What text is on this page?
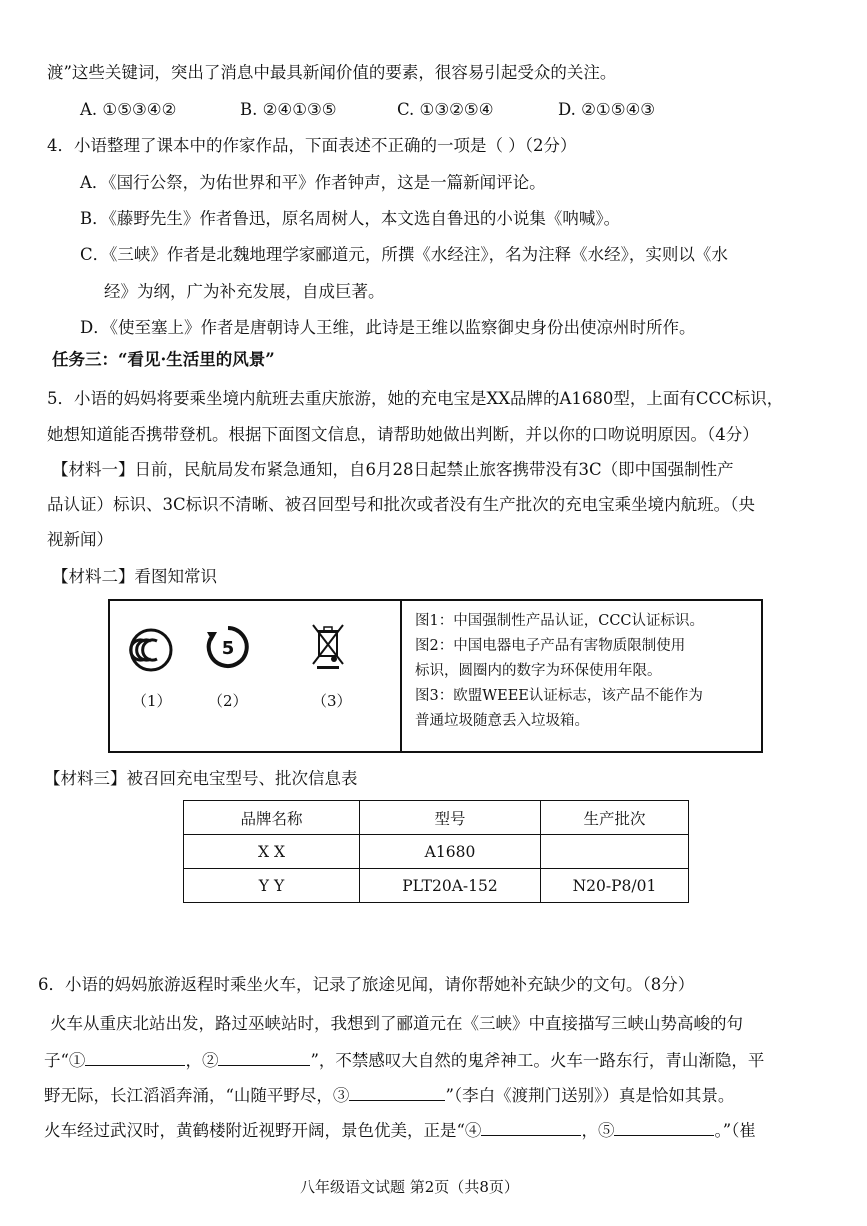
渡”这些关键词，突出了消息中最具新闻价值的要素，很容易引起受众的关注。
A. ①⑤③④②	B. ②④①③⑤	C. ①③②⑤④	D. ②①⑤④③
4．小语整理了课本中的作家作品，下面表述不正确的一项是（ ）（2分）
A．《国行公祭，为佑世界和平》作者钟声，这是一篇新闻评论。
B．《藤野先生》作者鲁迅，原名周树人，本文选自鲁迅的小说集《呐喊》。
C．《三峡》作者是北魏地理学家郦道元，所撰《水经注》，名为注释《水经》，实则以《水
经》为纲，广为补充发展，自成巨著。
D．《使至塞上》作者是唐朝诗人王维，此诗是王维以监察御史身份出使凉州时所作。
任务三：“看见·生活里的风景”
5．小语的妈妈将要乘坐境内航班去重庆旅游，她的充电宝是XX品牌的A1680型，上面有CCC标识，
她想知道能否携带登机。根据下面图文信息，请帮助她做出判断，并以你的口吻说明原因。（4分）
【材料一】日前，民航局发布紧急通知，自6月28日起禁止旅客携带没有3C（即中国强制性产
品认证）标识、3C标识不清晰、被召回型号和批次或者没有生产批次的充电宝乘坐境内航班。（央
视新闻）
【材料二】看图知常识
（1）
5
（2）	（3）
图1：中国强制性产品认证，CCC认证标识。
图2：中国电器电子产品有害物质限制使用
标识，圆圈内的数字为环保使用年限。
图3：欧盟WEEE认证标志，该产品不能作为
普通垃圾随意丢入垃圾箱。
【材料三】被召回充电宝型号、批次信息表
品牌名称	型号	生产批次
X X	A1680	
Y Y	PLT20A-152	N20-P8/01
6．小语的妈妈旅游返程时乘坐火车，记录了旅途见闻，请你帮她补充缺少的文句。（8分）
火车从重庆北站出发，路过巫峡站时，我想到了郦道元在《三峡》中直接描写三峡山势高峻的句
子“①	，②	”，不禁感叹大自然的鬼斧神工。火车一路东行，青山渐隐，平
野无际，长江滔滔奔涌，“山随平野尽，③	”（李白《渡荆门送别》）真是恰如其景。
火车经过武汉时，黄鹤楼附近视野开阔，景色优美，正是“④	，⑤	。”（崔
八年级语文试题 第2页（共8页）
